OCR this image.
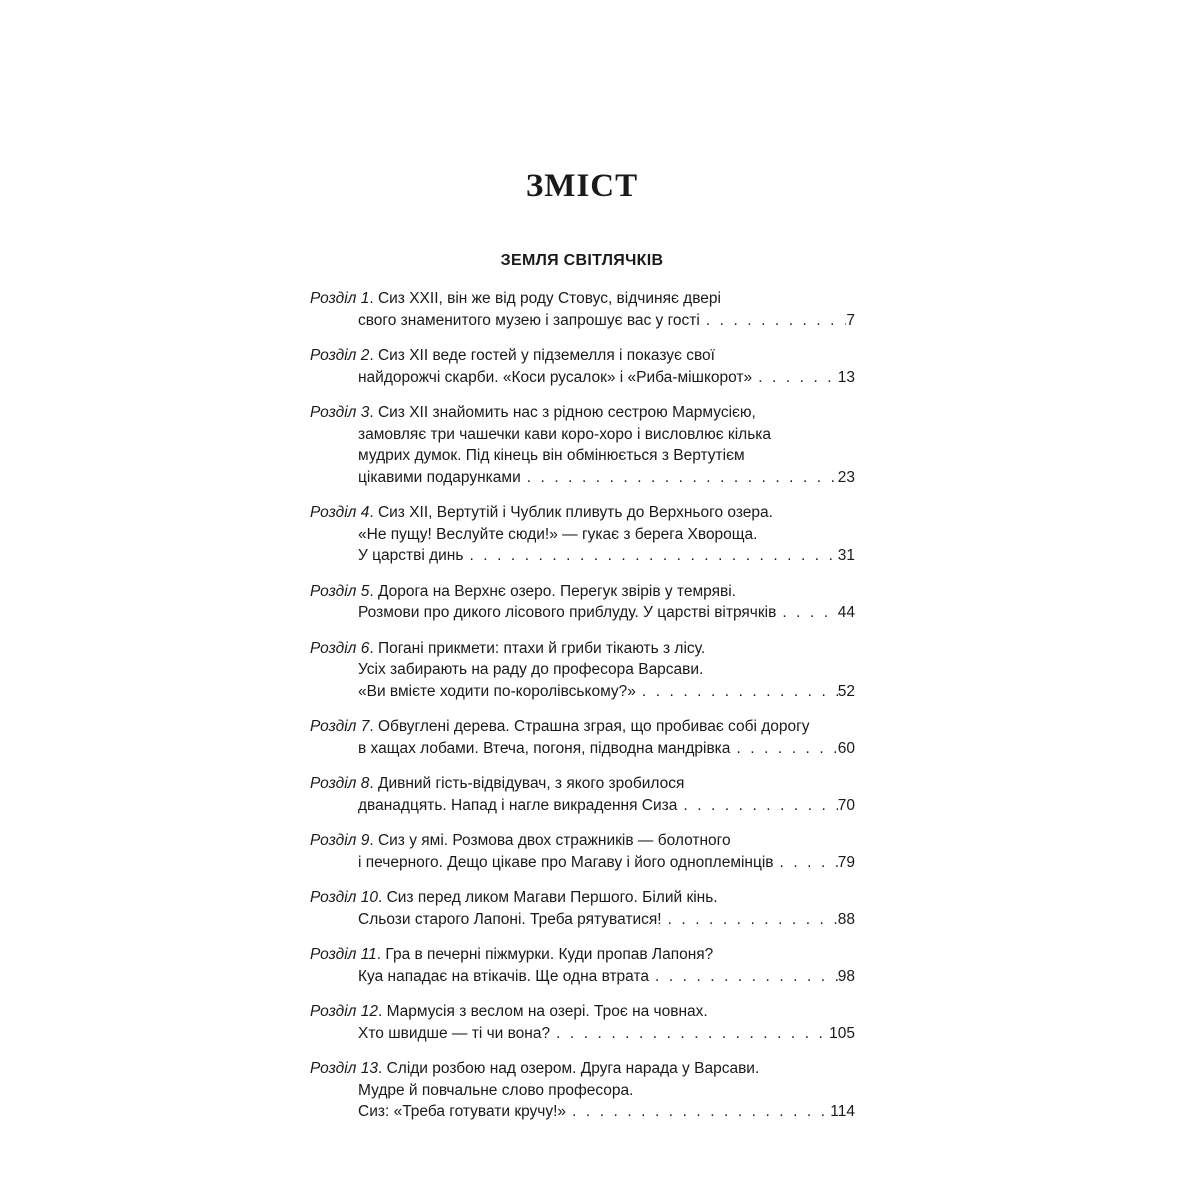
ЗМІСТ
ЗЕМЛЯ СВІТЛЯЧКІВ
Розділ 1. Сиз XXII, він же від роду Стовус, відчиняє двері
свого знаменитого музею і запрошує вас у гості . . .	7
Розділ 2. Сиз XII веде гостей у підземелля і показує свої
найдорожчі скарби. «Коси русалок» і «Риба-мішкорот» . . .	13
Розділ 3. Сиз XII знайомить нас з рідною сестрою Мармусією,
замовляє три чашечки кави коро-хоро і висловлює кілька
мудрих думок. Під кінець він обмінюється з Вертутієм
цікавими подарунками . . .	23
Розділ 4. Сиз XII, Вертутій і Чублик пливуть до Верхнього озера.
«Не пущу! Веслуйте сюди!» — гукає з берега Хвороща.
У царстві динь . . .	31
Розділ 5. Дорога на Верхнє озеро. Перегук звірів у темряві.
Розмови про дикого лісового приблуду. У царстві вітрячків . . .	44
Розділ 6. Погані прикмети: птахи й гриби тікають з лісу.
Усіх забирають на раду до професора Варсави.
«Ви вмієте ходити по-королівському?» . . .	52
Розділ 7. Обвуглені дерева. Страшна зграя, що пробиває собі дорогу
в хащах лобами. Втеча, погоня, підводна мандрівка . . .	60
Розділ 8. Дивний гість-відвідувач, з якого зробилося
дванадцять. Напад і нагле викрадення Сиза . . .	70
Розділ 9. Сиз у ямі. Розмова двох стражників — болотного
і печерного. Дещо цікаве про Магаву і його одноплемінців . . .	79
Розділ 10. Сиз перед ликом Магави Першого. Білий кінь.
Сльози старого Лапоні. Треба рятуватися! . . .	88
Розділ 11. Гра в печерні піжмурки. Куди пропав Лапоня?
Куа нападає на втікачів. Ще одна втрата . . .	98
Розділ 12. Мармусія з веслом на озері. Троє на човнах.
Хто швидше — ті чи вона? . . .	105
Розділ 13. Сліди розбою над озером. Друга нарада у Варсави.
Мудре й повчальне слово професора.
Сиз: «Треба готувати кручу!» . . .	114
